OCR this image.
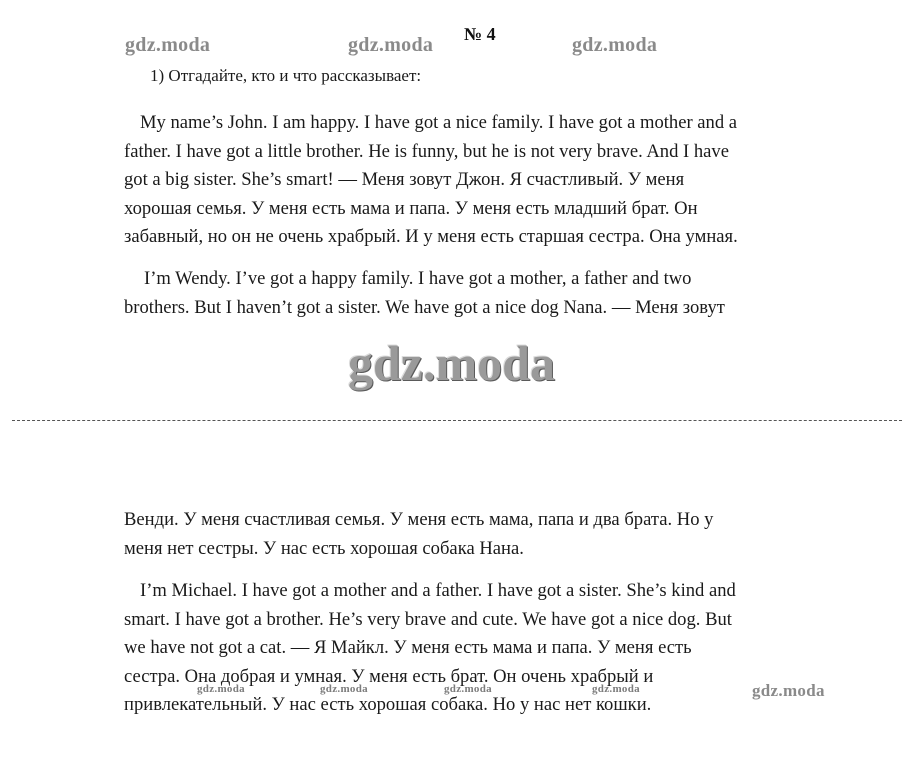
gdz.moda	gdz.moda	gdz.moda
№ 4
1) Отгадайте, кто и что рассказывает:
My name’s John. I am happy. I have got a nice family. I have got a mother and a
father. I have got a little brother. He is funny, but he is not very brave. And I have
got a big sister. She’s smart! — Меня зовут Джон. Я счастливый. У меня
хорошая семья. У меня есть мама и папа. У меня есть младший брат. Он
забавный, но он не очень храбрый. И у меня есть старшая сестра. Она умная.
I’m Wendy. I’ve got a happy family. I have got a mother, a father and two
brothers. But I haven’t got a sister. We have got a nice dog Nana. — Меня зовут
gdz.moda
Венди. У меня счастливая семья. У меня есть мама, папа и два брата. Но у
меня нет сестры. У нас есть хорошая собака Нана.
I’m Michael. I have got a mother and a father. I have got a sister. She’s kind and
smart. I have got a brother. He’s very brave and cute. We have got a nice dog. But
we have not got a cat. — Я Майкл. У меня есть мама и папа. У меня есть
сестра. Она добрая и умная. У меня есть брат. Он очень храбрый и
привлекательный. У нас есть хорошая собака. Но у нас нет кошки.
gdz.moda	gdz.moda	gdz.moda	gdz.moda	gdz.moda
